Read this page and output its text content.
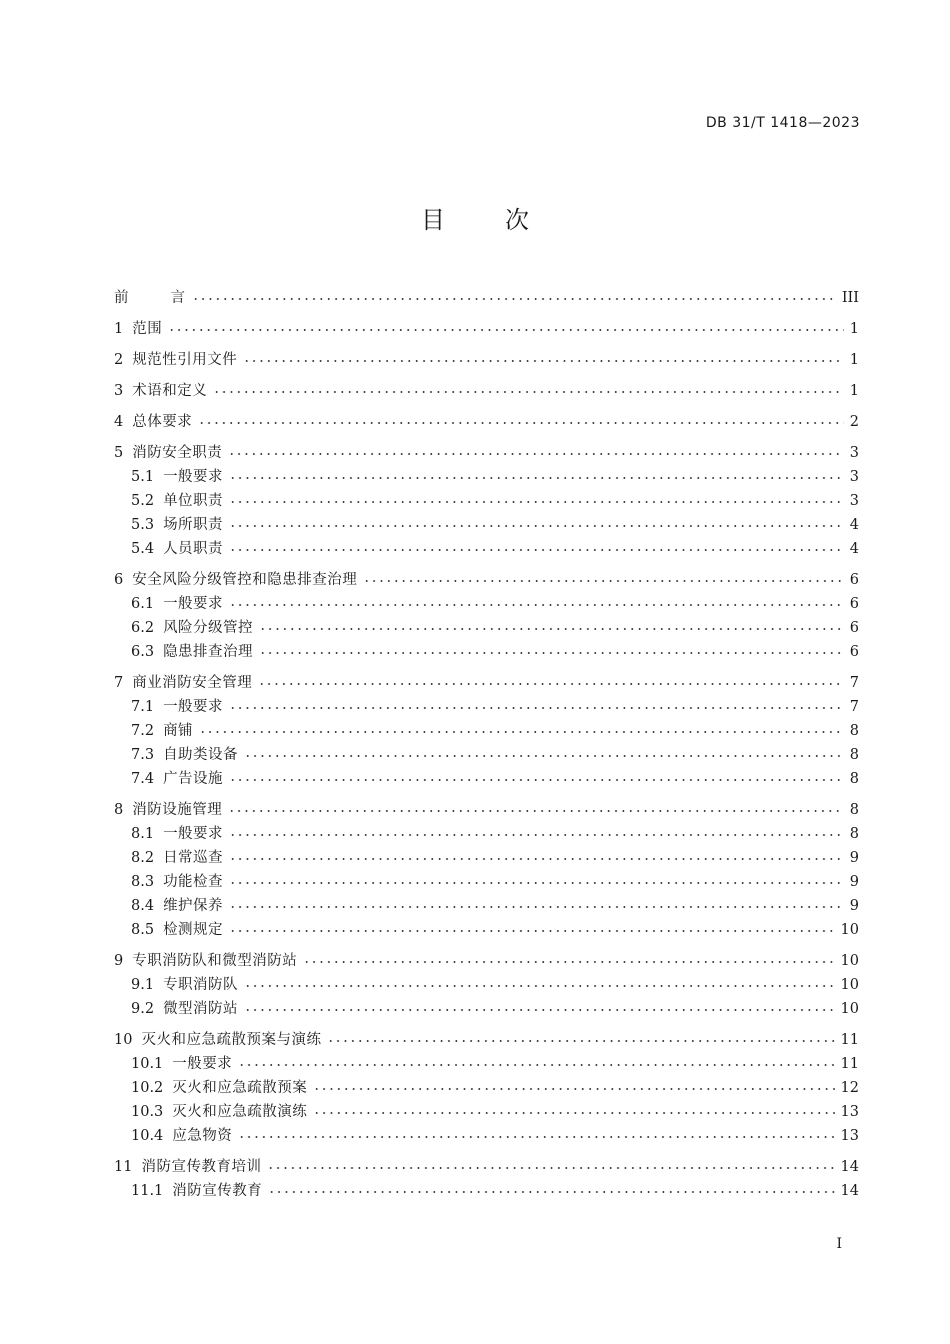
DB 31/T 1418—2023
目次
前	言	III
1 范围	1
2 规范性引用文件	1
3 术语和定义	1
4 总体要求	2
5 消防安全职责	3
5.1 一般要求	3
5.2 单位职责	3
5.3 场所职责	4
5.4 人员职责	4
6 安全风险分级管控和隐患排查治理	6
6.1 一般要求	6
6.2 风险分级管控	6
6.3 隐患排查治理	6
7 商业消防安全管理	7
7.1 一般要求	7
7.2 商铺	8
7.3 自助类设备	8
7.4 广告设施	8
8 消防设施管理	8
8.1 一般要求	8
8.2 日常巡查	9
8.3 功能检查	9
8.4 维护保养	9
8.5 检测规定	10
9 专职消防队和微型消防站	10
9.1 专职消防队	10
9.2 微型消防站	10
10 灭火和应急疏散预案与演练	11
10.1 一般要求	11
10.2 灭火和应急疏散预案	12
10.3 灭火和应急疏散演练	13
10.4 应急物资	13
11 消防宣传教育培训	14
11.1 消防宣传教育	14
I
